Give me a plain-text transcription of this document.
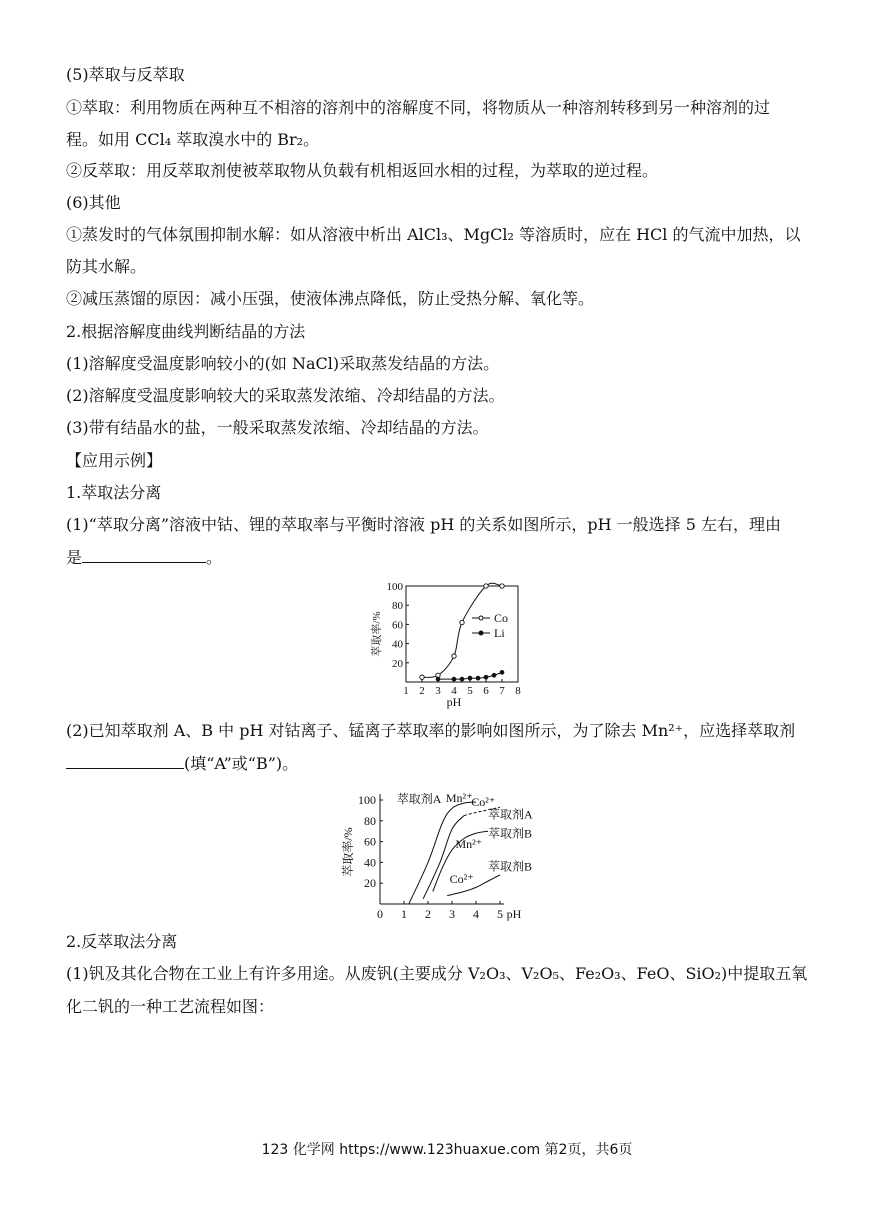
(5)萃取与反萃取
①萃取：利用物质在两种互不相溶的溶剂中的溶解度不同，将物质从一种溶剂转移到另一种溶剂的过
程。如用 CCl₄ 萃取溴水中的 Br₂。
②反萃取：用反萃取剂使被萃取物从负载有机相返回水相的过程，为萃取的逆过程。
(6)其他
①蒸发时的气体氛围抑制水解：如从溶液中析出 AlCl₃、MgCl₂ 等溶质时，应在 HCl 的气流中加热，以
防其水解。
②减压蒸馏的原因：减小压强，使液体沸点降低，防止受热分解、氧化等。
2.根据溶解度曲线判断结晶的方法
(1)溶解度受温度影响较小的(如 NaCl)采取蒸发结晶的方法。
(2)溶解度受温度影响较大的采取蒸发浓缩、冷却结晶的方法。
(3)带有结晶水的盐，一般采取蒸发浓缩、冷却结晶的方法。
【应用示例】
1.萃取法分离
(1)“萃取分离”溶液中钴、锂的萃取率与平衡时溶液 pH 的关系如图所示，pH 一般选择 5 左右，理由
是	。
1 2 3 4 5 6 7 8
20
40
60
80
100
pH
萃取率/%	Co
Li
(2)已知萃取剂 A、B 中 pH 对钴离子、锰离子萃取率的影响如图所示，为了除去 Mn²⁺，应选择萃取剂
(填“A”或“B”)。
0 1 2 3 4 5
20
40
60
80
100
pH
萃取率/%
萃取剂A Mn²⁺
Co²⁺
萃取剂A
萃取剂B
Mn²⁺
Co²⁺
萃取剂B
2.反萃取法分离
(1)钒及其化合物在工业上有许多用途。从废钒(主要成分 V₂O₃、V₂O₅、Fe₂O₃、FeO、SiO₂)中提取五氧
化二钒的一种工艺流程如图：
123 化学网 https://www.123huaxue.com 第2页，共6页
